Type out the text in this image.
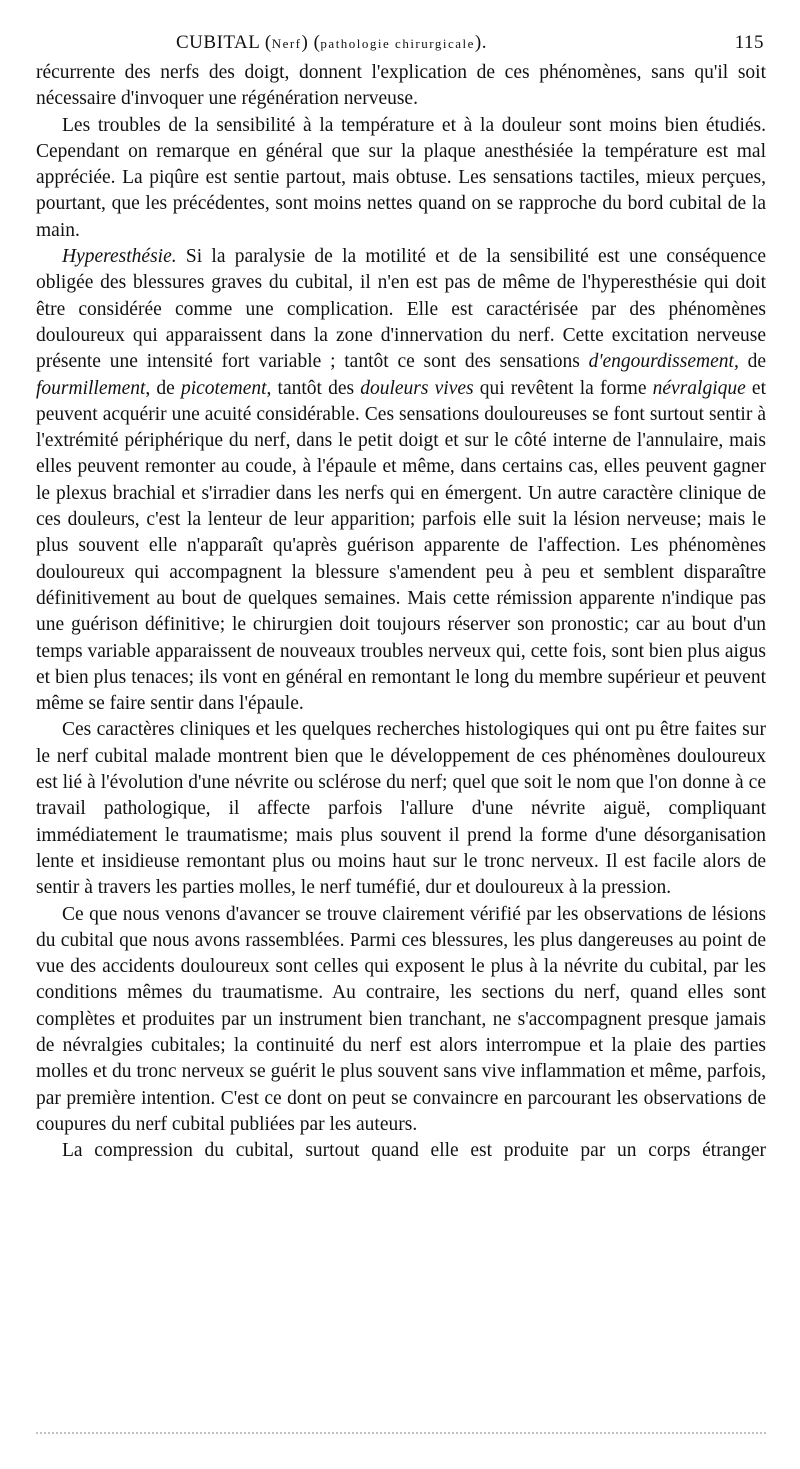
CUBITAL (Nerf) (pathologie chirurgicale).	115

récurrente des nerfs des doigt, donnent l'explication de ces phénomènes, sans qu'il soit nécessaire d'invoquer une régénération nerveuse.

Les troubles de la sensibilité à la température et à la douleur sont moins bien étudiés. Cependant on remarque en général que sur la plaque anesthésiée la température est mal appréciée. La piqûre est sentie partout, mais obtuse. Les sensations tactiles, mieux perçues, pourtant, que les précédentes, sont moins nettes quand on se rapproche du bord cubital de la main.

Hyperesthésie. Si la paralysie de la motilité et de la sensibilité est une conséquence obligée des blessures graves du cubital, il n'en est pas de même de l'hyperesthésie qui doit être considérée comme une complication. Elle est caractérisée par des phénomènes douloureux qui apparaissent dans la zone d'innervation du nerf. Cette excitation nerveuse présente une intensité fort variable ; tantôt ce sont des sensations d'engourdissement, de fourmillement, de picotement, tantôt des douleurs vives qui revêtent la forme névralgique et peuvent acquérir une acuité considérable. Ces sensations douloureuses se font surtout sentir à l'extrémité périphérique du nerf, dans le petit doigt et sur le côté interne de l'annulaire, mais elles peuvent remonter au coude, à l'épaule et même, dans certains cas, elles peuvent gagner le plexus brachial et s'irradier dans les nerfs qui en émergent. Un autre caractère clinique de ces douleurs, c'est la lenteur de leur apparition; parfois elle suit la lésion nerveuse; mais le plus souvent elle n'apparaît qu'après guérison apparente de l'affection. Les phénomènes douloureux qui accompagnent la blessure s'amendent peu à peu et semblent disparaître définitivement au bout de quelques semaines. Mais cette rémission apparente n'indique pas une guérison définitive; le chirurgien doit toujours réserver son pronostic; car au bout d'un temps variable apparaissent de nouveaux troubles nerveux qui, cette fois, sont bien plus aigus et bien plus tenaces; ils vont en général en remontant le long du membre supérieur et peuvent même se faire sentir dans l'épaule.

Ces caractères cliniques et les quelques recherches histologiques qui ont pu être faites sur le nerf cubital malade montrent bien que le développement de ces phénomènes douloureux est lié à l'évolution d'une névrite ou sclérose du nerf; quel que soit le nom que l'on donne à ce travail pathologique, il affecte parfois l'allure d'une névrite aiguë, compliquant immédiatement le traumatisme; mais plus souvent il prend la forme d'une désorganisation lente et insidieuse remontant plus ou moins haut sur le tronc nerveux. Il est facile alors de sentir à travers les parties molles, le nerf tuméfié, dur et douloureux à la pression.

Ce que nous venons d'avancer se trouve clairement vérifié par les observations de lésions du cubital que nous avons rassemblées. Parmi ces blessures, les plus dangereuses au point de vue des accidents douloureux sont celles qui exposent le plus à la névrite du cubital, par les conditions mêmes du traumatisme. Au contraire, les sections du nerf, quand elles sont complètes et produites par un instrument bien tranchant, ne s'accompagnent presque jamais de névralgies cubitales; la continuité du nerf est alors interrompue et la plaie des parties molles et du tronc nerveux se guérit le plus souvent sans vive inflammation et même, parfois, par première intention. C'est ce dont on peut se convaincre en parcourant les observations de coupures du nerf cubital publiées par les auteurs.

La compression du cubital, surtout quand elle est produite par un corps étranger
